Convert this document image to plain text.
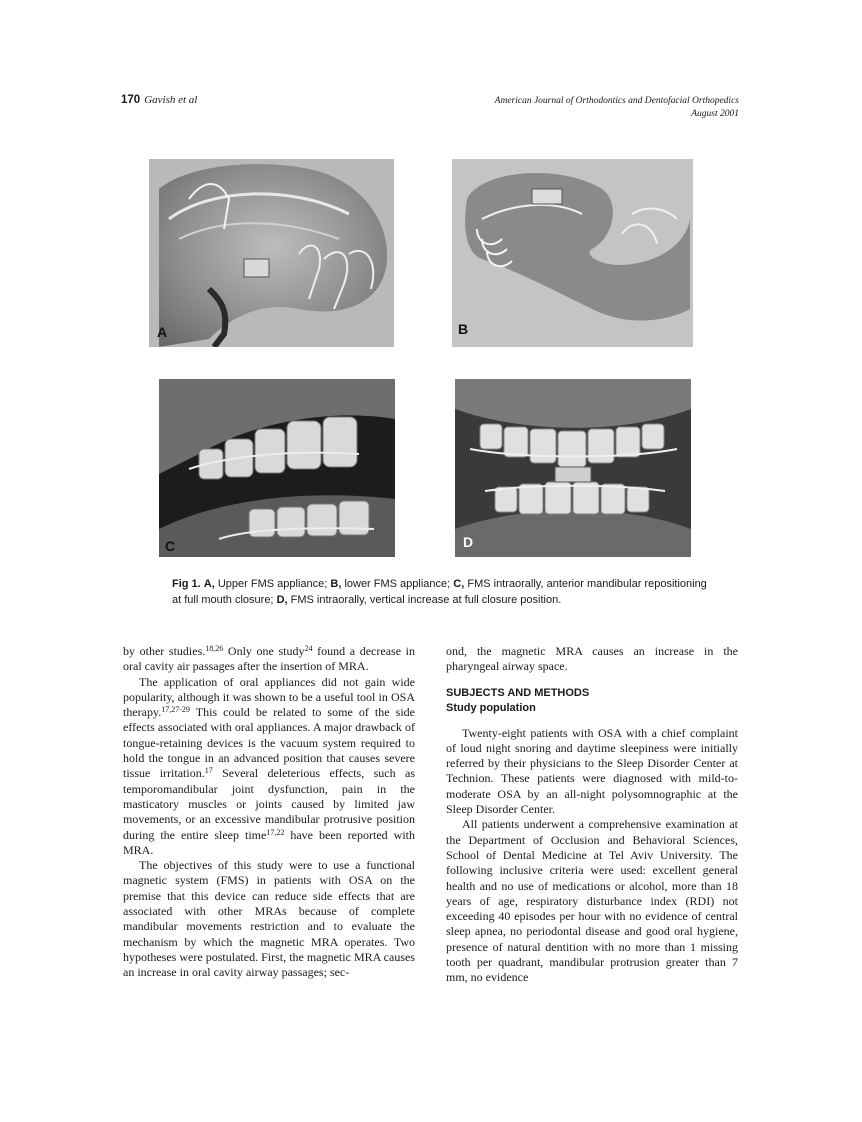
170 Gavish et al	American Journal of Orthodontics and Dentofacial Orthopedics
August 2001
A	B
C	D
Fig 1. A, Upper FMS appliance; B, lower FMS appliance; C, FMS intraorally, anterior mandibular repositioning at full mouth closure; D, FMS intraorally, vertical increase at full closure position.

by other studies.$^{18,26}$ Only one study$^{24}$ found a decrease in oral cavity air passages after the insertion of MRA.

The application of oral appliances did not gain wide popularity, although it was shown to be a useful tool in OSA therapy.$^{17,27-29}$ This could be related to some of the side effects associated with oral appliances. A major drawback of tongue-retaining devices is the vacuum system required to hold the tongue in an advanced position that causes severe tissue irritation.$^{17}$ Several deleterious effects, such as temporomandibular joint dysfunction, pain in the masticatory muscles or joints caused by limited jaw movements, or an excessive mandibular protrusive position during the entire sleep time$^{17,22}$ have been reported with MRA.

The objectives of this study were to use a functional magnetic system (FMS) in patients with OSA on the premise that this device can reduce side effects that are associated with other MRAs because of complete mandibular movements restriction and to evaluate the mechanism by which the magnetic MRA operates. Two hypotheses were postulated. First, the magnetic MRA causes an increase in oral cavity airway passages; sec-

ond, the magnetic MRA causes an increase in the pharyngeal airway space.

SUBJECTS AND METHODS
Study population

Twenty-eight patients with OSA with a chief complaint of loud night snoring and daytime sleepiness were initially referred by their physicians to the Sleep Disorder Center at Technion. These patients were diagnosed with mild-to-moderate OSA by an all-night polysomnographic at the Sleep Disorder Center.

All patients underwent a comprehensive examination at the Department of Occlusion and Behavioral Sciences, School of Dental Medicine at Tel Aviv University. The following inclusive criteria were used: excellent general health and no use of medications or alcohol, more than 18 years of age, respiratory disturbance index (RDI) not exceeding 40 episodes per hour with no evidence of central sleep apnea, no periodontal disease and good oral hygiene, presence of natural dentition with no more than 1 missing tooth per quadrant, mandibular protrusion greater than 7 mm, no evidence
